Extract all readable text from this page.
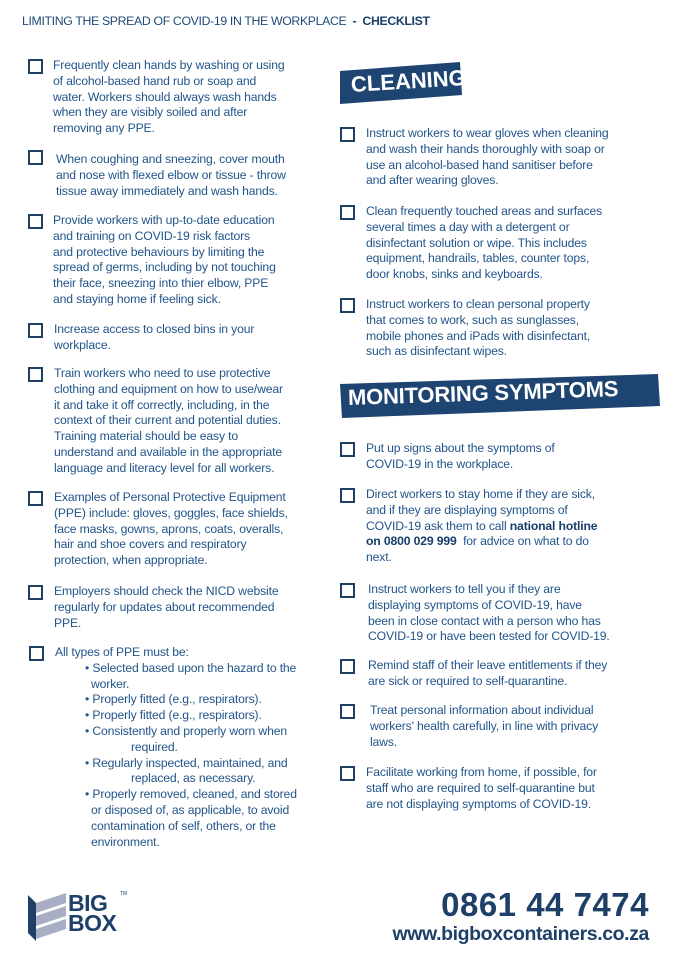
LIMITING THE SPREAD OF COVID-19 IN THE WORKPLACE - CHECKLIST
Frequently clean hands by washing or using
of alcohol-based hand rub or soap and
water. Workers should always wash hands
when they are visibly soiled and after
removing any PPE.
When coughing and sneezing, cover mouth
and nose with flexed elbow or tissue - throw
tissue away immediately and wash hands.
Provide workers with up-to-date education
and training on COVID-19 risk factors
and protective behaviours by limiting the
spread of germs, including by not touching
their face, sneezing into thier elbow, PPE
and staying home if feeling sick.
Increase access to closed bins in your
workplace.
Train workers who need to use protective
clothing and equipment on how to use/wear
it and take it off correctly, including, in the
context of their current and potential duties.
Training material should be easy to
understand and available in the appropriate
language and literacy level for all workers.
Examples of Personal Protective Equipment
(PPE) include: gloves, goggles, face shields,
face masks, gowns, aprons, coats, overalls,
hair and shoe covers and respiratory
protection, when appropriate.
Employers should check the NICD website
regularly for updates about recommended
PPE.
All types of PPE must be:
• Selected based upon the hazard to the
worker.
• Properly fitted (e.g., respirators).
• Properly fitted (e.g., respirators).
• Consistently and properly worn when
required.
• Regularly inspected, maintained, and
replaced, as necessary.
• Properly removed, cleaned, and stored
or disposed of, as applicable, to avoid
contamination of self, others, or the
environment.
CLEANING
Instruct workers to wear gloves when cleaning
and wash their hands thoroughly with soap or
use an alcohol-based hand sanitiser before
and after wearing gloves.
Clean frequently touched areas and surfaces
several times a day with a detergent or
disinfectant solution or wipe. This includes
equipment, handrails, tables, counter tops,
door knobs, sinks and keyboards.
Instruct workers to clean personal property
that comes to work, such as sunglasses,
mobile phones and iPads with disinfectant,
such as disinfectant wipes.
MONITORING SYMPTOMS
Put up signs about the symptoms of
COVID-19 in the workplace.
Direct workers to stay home if they are sick,
and if they are displaying symptoms of
COVID-19 ask them to call national hotline
on 0800 029 999  for advice on what to do
next.
Instruct workers to tell you if they are
displaying symptoms of COVID-19, have
been in close contact with a person who has
COVID-19 or have been tested for COVID-19.
Remind staff of their leave entitlements if they
are sick or required to self-quarantine.
Treat personal information about individual
workers' health carefully, in line with privacy
laws.
Facilitate working from home, if possible, for
staff who are required to self-quarantine but
are not displaying symptoms of COVID-19.
BIG
BOX
TM	0861 44 7474
www.bigboxcontainers.co.za
